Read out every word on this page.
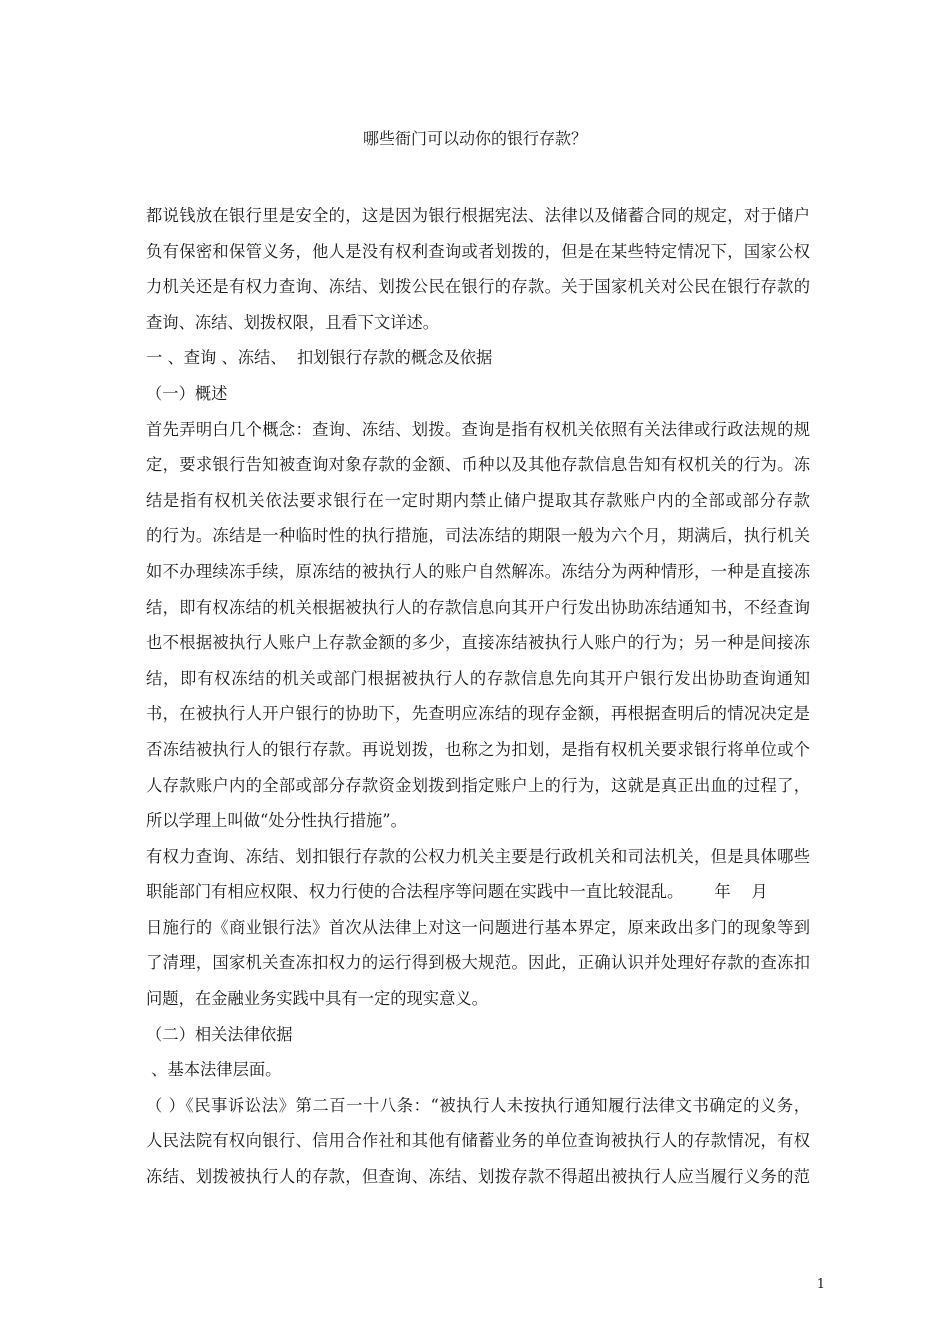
哪些衙门可以动你的银行存款？
都说钱放在银行里是安全的，这是因为银行根据宪法、法律以及储蓄合同的规定，对于储户
负有保密和保管义务，他人是没有权利查询或者划拨的，但是在某些特定情况下，国家公权
力机关还是有权力查询、冻结、划拨公民在银行的存款。关于国家机关对公民在银行存款的
查询、冻结、划拨权限，且看下文详述。
一 、查询 、冻结、  扣划银行存款的概念及依据
（一）概述
首先弄明白几个概念：查询、冻结、划拨。查询是指有权机关依照有关法律或行政法规的规
定，要求银行告知被查询对象存款的金额、币种以及其他存款信息告知有权机关的行为。冻
结是指有权机关依法要求银行在一定时期内禁止储户提取其存款账户内的全部或部分存款
的行为。冻结是一种临时性的执行措施，司法冻结的期限一般为六个月，期满后，执行机关
如不办理续冻手续，原冻结的被执行人的账户自然解冻。冻结分为两种情形，一种是直接冻
结，即有权冻结的机关根据被执行人的存款信息向其开户行发出协助冻结通知书，不经查询
也不根据被执行人账户上存款金额的多少，直接冻结被执行人账户的行为；另一种是间接冻
结，即有权冻结的机关或部门根据被执行人的存款信息先向其开户银行发出协助查询通知
书，在被执行人开户银行的协助下，先查明应冻结的现存金额，再根据查明后的情况决定是
否冻结被执行人的银行存款。再说划拨，也称之为扣划，是指有权机关要求银行将单位或个
人存款账户内的全部或部分存款资金划拨到指定账户上的行为，这就是真正出血的过程了，
所以学理上叫做“处分性执行措施”。
有权力查询、冻结、划扣银行存款的公权力机关主要是行政机关和司法机关，但是具体哪些
职能部门有相应权限、权力行使的合法程序等问题在实践中一直比较混乱。      年    月
日施行的《商业银行法》首次从法律上对这一问题进行基本界定，原来政出多门的现象等到
了清理，国家机关查冻扣权力的运行得到极大规范。因此，正确认识并处理好存款的查冻扣
问题，在金融业务实践中具有一定的现实意义。
（二）相关法律依据
、基本法律层面。
（ ）《民事诉讼法》第二百一十八条：“被执行人未按执行通知履行法律文书确定的义务，
人民法院有权向银行、信用合作社和其他有储蓄业务的单位查询被执行人的存款情况，有权
冻结、划拨被执行人的存款，但查询、冻结、划拨存款不得超出被执行人应当履行义务的范
1
